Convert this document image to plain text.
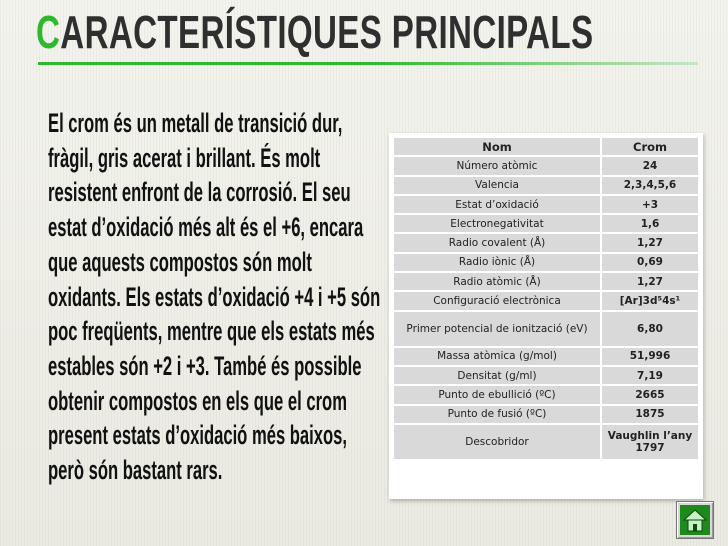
CARACTERÍSTIQUES PRINCIPALS

El crom és un metall de transició dur, fràgil, gris acerat i brillant. És molt resistent enfront de la corrosió. El seu estat d’oxidació més alt és el +6, encara que aquests compostos són molt oxidants. Els estats d’oxidació +4 i +5 són poc freqüents, mentre que els estats més estables són +2 i +3. També és possible obtenir compostos en els que el crom present estats d’oxidació més baixos, però són bastant rars.

Nom	Crom
Número atòmic	24
Valencia	2,3,4,5,6
Estat d’oxidació	+3
Electronegativitat	1,6
Radio covalent (Å)	1,27
Radio iònic (Å)	0,69
Radio atòmic (Å)	1,27
Configuració electrònica	[Ar]3d⁵4s¹
Primer potencial de ionització (eV)	6,80
Massa atòmica (g/mol)	51,996
Densitat (g/ml)	7,19
Punto de ebullició (ºC)	2665
Punto de fusió (ºC)	1875
Descobridor	Vaughlin l’any 1797
